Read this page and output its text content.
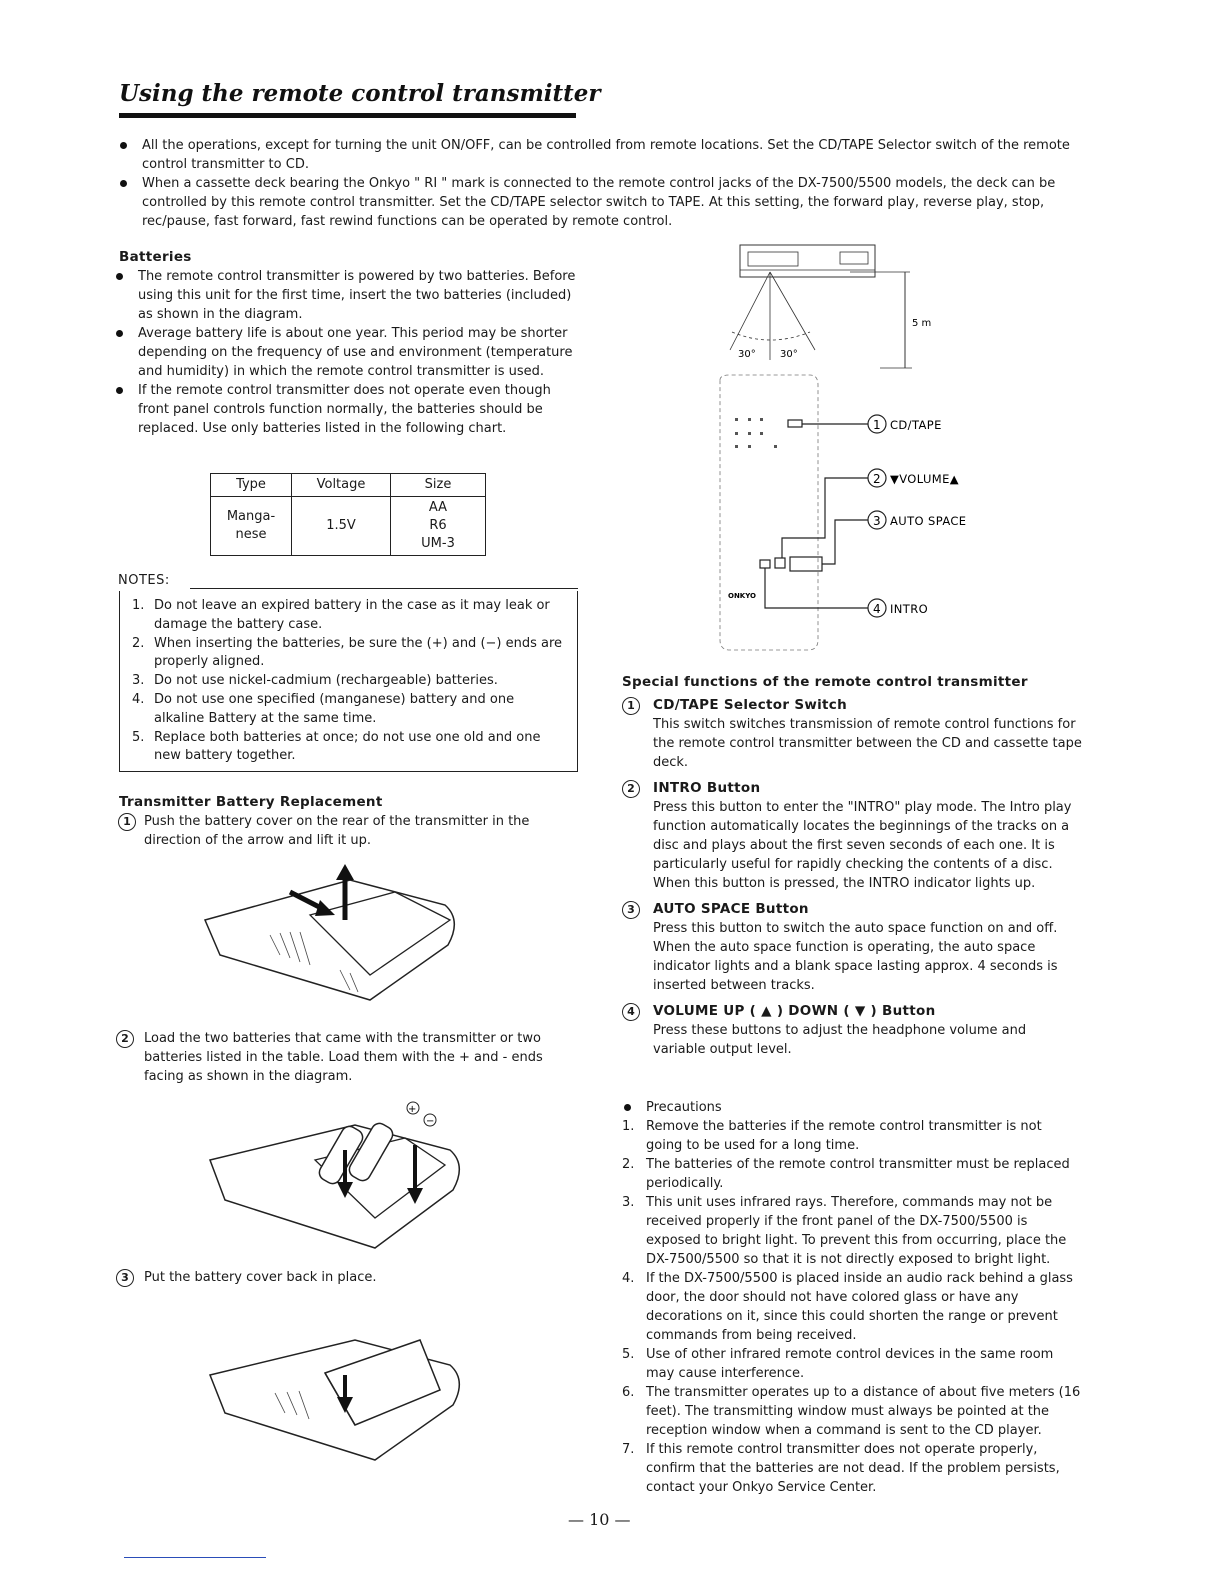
Using the remote control transmitter

All the operations, except for turning the unit ON/OFF, can be controlled from remote locations. Set the CD/TAPE Selector switch of the remote control transmitter to CD.

When a cassette deck bearing the Onkyo " RI " mark is connected to the remote control jacks of the DX-7500/5500 models, the deck can be controlled by this remote control transmitter. Set the CD/TAPE selector switch to TAPE. At this setting, the forward play, reverse play, stop, rec/pause, fast forward, fast rewind functions can be operated by remote control.

Batteries

The remote control transmitter is powered by two batteries. Before using this unit for the first time, insert the two batteries (included) as shown in the diagram.

Average battery life is about one year. This period may be shorter depending on the frequency of use and environment (temperature and humidity) in which the remote control transmitter is used.

If the remote control transmitter does not operate even though front panel controls function normally, the batteries should be replaced. Use only batteries listed in the following chart.

Type	Voltage	Size
Manga-nese	1.5V	AA
R6
UM-3
NOTES:

1. Do not leave an expired battery in the case as it may leak or damage the battery case.

2. When inserting the batteries, be sure the (+) and (−) ends are properly aligned.

3. Do not use nickel-cadmium (rechargeable) batteries.

4. Do not use one specified (manganese) battery and one alkaline Battery at the same time.

5. Replace both batteries at once; do not use one old and one new battery together.

Transmitter Battery Replacement

1	Push the battery cover on the rear of the transmitter in the direction of the arrow and lift it up.

2	Load the two batteries that came with the transmitter or two batteries listed in the table. Load them with the + and - ends facing as shown in the diagram.

+
−

3	Put the battery cover back in place.

30° 30°
5 m
ONKYO
1
2
3
4
CD/TAPE
▼VOLUME▲
AUTO SPACE
INTRO
Special functions of the remote control transmitter
1	CD/TAPE Selector Switch

This switch switches transmission of remote control functions for the remote control transmitter between the CD and cassette tape deck.

2	INTRO Button

Press this button to enter the "INTRO" play mode. The Intro play function automatically locates the beginnings of the tracks on a disc and plays about the first seven seconds of each one. It is particularly useful for rapidly checking the contents of a disc. When this button is pressed, the INTRO indicator lights up.

3	AUTO SPACE Button

Press this button to switch the auto space function on and off. When the auto space function is operating, the auto space indicator lights and a blank space lasting approx. 4 seconds is inserted between tracks.

4	VOLUME UP ( ▲ ) DOWN ( ▼ ) Button

Press these buttons to adjust the headphone volume and variable output level.

Precautions

1. Remove the batteries if the remote control transmitter is not going to be used for a long time.

2. The batteries of the remote control transmitter must be replaced periodically.

3. This unit uses infrared rays. Therefore, commands may not be received properly if the front panel of the DX-7500/5500 is exposed to bright light. To prevent this from occurring, place the DX-7500/5500 so that it is not directly exposed to bright light.

4. If the DX-7500/5500 is placed inside an audio rack behind a glass door, the door should not have colored glass or have any decorations on it, since this could shorten the range or prevent commands from being received.

5. Use of other infrared remote control devices in the same room may cause interference.

6. The transmitter operates up to a distance of about five meters (16 feet). The transmitting window must always be pointed at the reception window when a command is sent to the CD player.

7. If this remote control transmitter does not operate properly, confirm that the batteries are not dead. If the problem persists, contact your Onkyo Service Center.

— 10 —
